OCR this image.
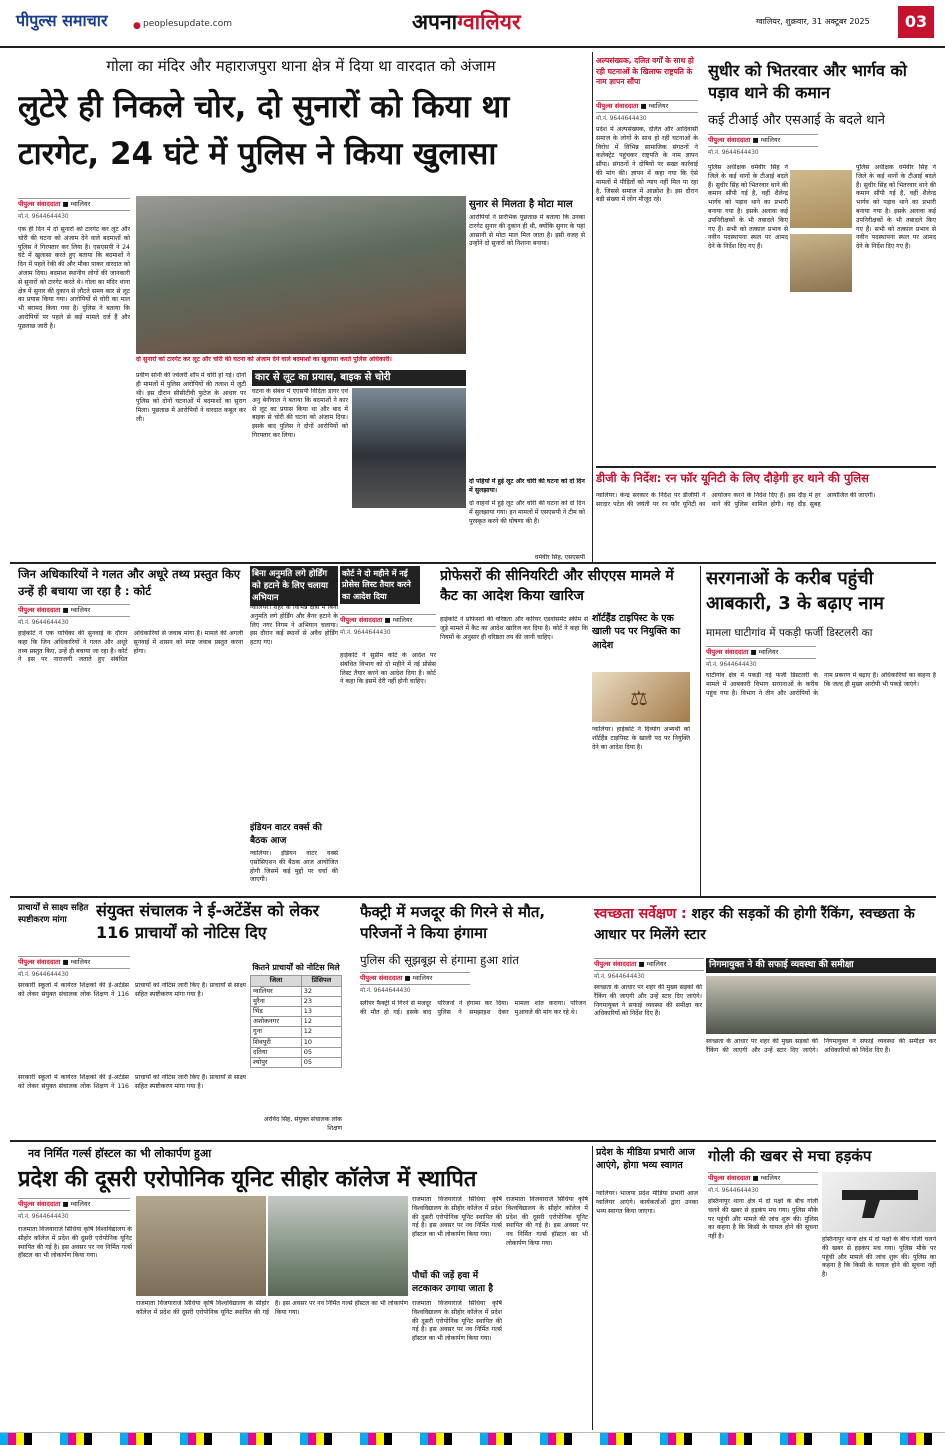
पीपुल्स समाचार	● peoplesupdate.com	अपनाग्वालियर	ग्वालियर, शुक्रवार, 31 अक्टूबर 2025	03
गोला का मंदिर और महाराजपुरा थाना क्षेत्र में दिया था वारदात को अंजाम
लुटेरे ही निकले चोर, दो सुनारों को किया था टारगेट, 24 घंटे में पुलिस ने किया खुलासा
पीपुल्स संवाददाता ■ ग्वालियर
मो.नं. 9644644430
एक ही दिन में दो सुनारों को टारगेट कर लूट और चोरी की घटना को अंजाम देने वाले बदमाशों को पुलिस ने गिरफ्तार कर लिया है। एसएसपी ने 24 घंटे में खुलासा करते हुए बताया कि बदमाशों ने दिन में पहले रेकी की और मौका पाकर वारदात को अंजाम दिया। बदमाश स्थानीय लोगों की जानकारी से सुनारों को टारगेट करते थे। गोला का मंदिर थाना क्षेत्र में सुनार की दुकान से लौटते समय कार से लूट का प्रयास किया गया। आरोपियों से चोरी का माल भी बरामद किया गया है। पुलिस ने बताया कि आरोपियों पर पहले से कई मामले दर्ज हैं और पूछताछ जारी है।
दो सुनारों को टारगेट कर लूट और चोरी की घटना को अंजाम देने वाले बदमाशों का खुलासा करते पुलिस अधिकारी।
सुनार से मिलता है मोटा माल
आरोपियों ने प्रारंभिक पूछताछ में बताया कि उनका टारगेट सुनार की दुकान ही थी, क्योंकि सुनार के यहां आसानी से मोटा माल मिल जाता है। इसी वजह से उन्होंने दो सुनारों को निशाना बनाया।
प्रवीण सोनी की ज्वेलरी शॉप में चोरी हो गई। दोनों ही मामलों में पुलिस आरोपियों की तलाश में जुटी थी। इस दौरान सीसीटीवी फुटेज के आधार पर पुलिस को दोनों घटनाओं में बदमाशों का सुराग मिला। पूछताछ में आरोपियों ने वारदात कबूल कर ली।
कार से लूट का प्रयास, बाइक से चोरी
घटना के संबंध में एएसपी विदिता डागर एवं अनु बेनीवाल ने बताया कि बदमाशों ने कार से लूट का प्रयास किया था और बाद में बाइक से चोरी की घटना को अंजाम दिया। इसके बाद पुलिस ने दोनों आरोपियों को गिरफ्तार कर लिया।
दो पहियों में हुई लूट और चोरी की घटना को दो दिन में सुलझाया।
दो वाहनों में हुई लूट और चोरी की घटना को दो दिन में सुलझाया गया। इन मामलों में एसएसपी ने टीम को पुरस्कृत करने की घोषणा की है।
धर्मवीर सिंह, एसएसपी
अल्पसंख्यक, दलित वर्गों के साथ हो रही घटनाओं के खिलाफ राष्ट्रपति के नाम ज्ञापन सौंपा
पीपुल्स संवाददाता ■ ग्वालियर
मो.नं. 9644644430
प्रदेश में अल्पसंख्यक, दलित और आदिवासी समाज के लोगों के साथ हो रही घटनाओं के विरोध में विभिन्न सामाजिक संगठनों ने कलेक्ट्रेट पहुंचकर राष्ट्रपति के नाम ज्ञापन सौंपा। संगठनों ने दोषियों पर सख्त कार्रवाई की मांग की। ज्ञापन में कहा गया कि ऐसे मामलों में पीड़ितों को न्याय नहीं मिल पा रहा है, जिससे समाज में आक्रोश है। इस दौरान बड़ी संख्या में लोग मौजूद रहे।
सुधीर को भितरवार और भार्गव को पड़ाव थाने की कमान
कई टीआई और एसआई के बदले थाने
पीपुल्स संवाददाता ■ ग्वालियर
मो.नं. 9644644430
पुलिस अधीक्षक धर्मवीर सिंह ने जिले के कई थानों के टीआई बदले हैं। सुधीर सिंह को भितरवार थाने की कमान सौंपी गई है, वहीं शैलेन्द्र भार्गव को पड़ाव थाने का प्रभारी बनाया गया है। इसके अलावा कई उपनिरीक्षकों के भी तबादले किए गए हैं। सभी को तत्काल प्रभाव से नवीन पदस्थापना स्थल पर आमद देने के निर्देश दिए गए हैं।
पुलिस अधीक्षक धर्मवीर सिंह ने जिले के कई थानों के टीआई बदले हैं। सुधीर सिंह को भितरवार थाने की कमान सौंपी गई है, वहीं शैलेन्द्र भार्गव को पड़ाव थाने का प्रभारी बनाया गया है। इसके अलावा कई उपनिरीक्षकों के भी तबादले किए गए हैं। सभी को तत्काल प्रभाव से नवीन पदस्थापना स्थल पर आमद देने के निर्देश दिए गए हैं।
डीजी के निर्देश: रन फॉर यूनिटी के लिए दौड़ेगी हर थाने की पुलिस
ग्वालियर। केन्द्र सरकार के निर्देश पर डीजीपी ने सरदार पटेल की जयंती पर रन फॉर यूनिटी का आयोजन करने के निर्देश दिए हैं। इस दौड़ में हर थाने की पुलिस शामिल होगी। यह दौड़ सुबह आयोजित की जाएगी।
जिन अधिकारियों ने गलत और अधूरे तथ्य प्रस्तुत किए उन्हें ही बचाया जा रहा है : कोर्ट
पीपुल्स संवाददाता ■ ग्वालियर
मो.नं. 9644644430
हाईकोर्ट ने एक याचिका की सुनवाई के दौरान कहा कि जिन अधिकारियों ने गलत और अधूरे तथ्य प्रस्तुत किए, उन्हें ही बचाया जा रहा है। कोर्ट ने इस पर नाराजगी जताते हुए संबंधित अधिकारियों से जवाब मांगा है। मामले की अगली सुनवाई में शासन को स्पष्ट जवाब प्रस्तुत करना होगा।
बिना अनुमति लगे होर्डिंग को हटाने के लिए चलाया अभियान
ग्वालियर। शहर के विभिन्न क्षेत्रों में बिना अनुमति लगे होर्डिंग और बैनर हटाने के लिए नगर निगम ने अभियान चलाया। इस दौरान कई स्थानों से अवैध होर्डिंग हटाए गए।
इंडियन वाटर वर्क्स की बैठक आज
ग्वालियर। इंडियन वाटर वर्क्स एसोसिएशन की बैठक आज आयोजित होगी जिसमें कई मुद्दों पर चर्चा की जाएगी।
कोर्ट ने दो महीने में नई प्रोसेस लिस्ट तैयार करने का आदेश दिया
पीपुल्स संवाददाता ■ ग्वालियर
मो.नं. 9644644430
हाईकोर्ट ने सुप्रीम कोर्ट के आदेश पर संबंधित विभाग को दो महीने में नई प्रोसेस लिस्ट तैयार करने का आदेश दिया है। कोर्ट ने कहा कि इसमें देरी नहीं होनी चाहिए।
प्रोफेसरों की सीनियरिटी और सीएएस मामले में कैट का आदेश किया खारिज
हाईकोर्ट ने प्रोफेसरों की वरिष्ठता और करियर एडवांसमेंट स्कीम से जुड़े मामले में कैट का आदेश खारिज कर दिया है। कोर्ट ने कहा कि नियमों के अनुसार ही वरिष्ठता तय की जानी चाहिए।
शॉर्टहैंड टाइपिस्ट के एक खाली पद पर नियुक्ति का आदेश
⚖
ग्वालियर। हाईकोर्ट ने दिव्यांग अभ्यर्थी को शॉर्टहैंड टाइपिस्ट के खाली पद पर नियुक्ति देने का आदेश दिया है।
सरगनाओं के करीब पहुंची आबकारी, 3 के बढ़ाए नाम
मामला घाटीगांव में पकड़ी फर्जी डिस्टलरी का
पीपुल्स संवाददाता ■ ग्वालियर
मो.नं. 9644644430
घाटीगांव क्षेत्र में पकड़ी गई फर्जी डिस्टलरी के मामले में आबकारी विभाग सरगनाओं के करीब पहुंच गया है। विभाग ने तीन और आरोपियों के नाम प्रकरण में बढ़ाए हैं। अधिकारियों का कहना है कि जल्द ही मुख्य आरोपी भी पकड़े जाएंगे।
प्राचार्यों से साक्ष्य सहित स्पष्टीकरण मांगा
संयुक्त संचालक ने ई-अटेंडेंस को लेकर 116 प्राचार्यों को नोटिस दिए
पीपुल्स संवाददाता ■ ग्वालियर
मो.नं. 9644644430
सरकारी स्कूलों में कार्यरत शिक्षकों की ई-अटेंडेंस को लेकर संयुक्त संचालक लोक शिक्षण ने 116 प्राचार्यों को नोटिस जारी किए हैं। प्राचार्यों से साक्ष्य सहित स्पष्टीकरण मांगा गया है।
कितने प्राचार्यों को नोटिस मिले
जिला	प्रिंसिपल
ग्वालियर	32
मुरैना	23
भिंड	13
अशोकनगर	12
गुना	12
शिवपुरी	10
दतिया	05
श्योपुर	05
अरविंद सिंह, संयुक्त संचालक लोक शिक्षण
सरकारी स्कूलों में कार्यरत शिक्षकों की ई-अटेंडेंस को लेकर संयुक्त संचालक लोक शिक्षण ने 116 प्राचार्यों को नोटिस जारी किए हैं। प्राचार्यों से साक्ष्य सहित स्पष्टीकरण मांगा गया है।
फैक्ट्री में मजदूर की गिरने से मौत, परिजनों ने किया हंगामा
पुलिस की सूझबूझ से हंगामा हुआ शांत
पीपुल्स संवाददाता ■ ग्वालियर
मो.नं. 9644644430
स्लीपर फैक्ट्री में गिरने से मजदूर की मौत हो गई। इसके बाद परिजनों ने हंगामा कर दिया। पुलिस ने समझाइश देकर मामला शांत कराया। परिजन मुआवजे की मांग कर रहे थे।
स्वच्छता सर्वेक्षण : शहर की सड़कों की होगी रैंकिंग, स्वच्छता के आधार पर मिलेंगे स्टार
पीपुल्स संवाददाता ■ ग्वालियर
मो.नं. 9644644430
निगमायुक्त ने की सफाई व्यवस्था की समीक्षा
स्वच्छता के आधार पर शहर की मुख्य सड़कों की रैंकिंग की जाएगी और उन्हें स्टार दिए जाएंगे। निगमायुक्त ने सफाई व्यवस्था की समीक्षा कर अधिकारियों को निर्देश दिए हैं।
स्वच्छता के आधार पर शहर की मुख्य सड़कों की रैंकिंग की जाएगी और उन्हें स्टार दिए जाएंगे। निगमायुक्त ने सफाई व्यवस्था की समीक्षा कर अधिकारियों को निर्देश दिए हैं।
नव निर्मित गर्ल्स हॉस्टल का भी लोकार्पण हुआ
प्रदेश की दूसरी एरोपोनिक यूनिट सीहोर कॉलेज में स्थापित
पीपुल्स संवाददाता ■ ग्वालियर
मो.नं. 9644644430
राजमाता विजयाराजे सिंधिया कृषि विश्वविद्यालय के सीहोर कॉलेज में प्रदेश की दूसरी एरोपोनिक यूनिट स्थापित की गई है। इस अवसर पर नव निर्मित गर्ल्स हॉस्टल का भी लोकार्पण किया गया।
राजमाता विजयाराजे सिंधिया कृषि विश्वविद्यालय के सीहोर कॉलेज में प्रदेश की दूसरी एरोपोनिक यूनिट स्थापित की गई है। इस अवसर पर नव निर्मित गर्ल्स हॉस्टल का भी लोकार्पण किया गया।
राजमाता विजयाराजे सिंधिया कृषि विश्वविद्यालय के सीहोर कॉलेज में प्रदेश की दूसरी एरोपोनिक यूनिट स्थापित की गई है। इस अवसर पर नव निर्मित गर्ल्स हॉस्टल का भी लोकार्पण किया गया।
पौधों की जड़ें हवा में लटकाकर उगाया जाता है
राजमाता विजयाराजे सिंधिया कृषि विश्वविद्यालय के सीहोर कॉलेज में प्रदेश की दूसरी एरोपोनिक यूनिट स्थापित की गई है। इस अवसर पर नव निर्मित गर्ल्स हॉस्टल का भी लोकार्पण किया गया।
राजमाता विजयाराजे सिंधिया कृषि विश्वविद्यालय के सीहोर कॉलेज में प्रदेश की दूसरी एरोपोनिक यूनिट स्थापित की गई है। इस अवसर पर नव निर्मित गर्ल्स हॉस्टल का भी लोकार्पण किया गया।
प्रदेश के मीडिया प्रभारी आज आएंगे, होगा भव्य स्वागत
ग्वालियर। भाजपा प्रदेश मीडिया प्रभारी आज ग्वालियर आएंगे। कार्यकर्ताओं द्वारा उनका भव्य स्वागत किया जाएगा।
गोली की खबर से मचा हड़कंप
पीपुल्स संवाददाता ■ ग्वालियर
मो.नं. 9644644430
हस्तिनापुर थाना क्षेत्र में दो पक्षों के बीच गोली चलने की खबर से हड़कंप मच गया। पुलिस मौके पर पहुंची और मामले की जांच शुरू की। पुलिस का कहना है कि किसी के घायल होने की सूचना नहीं है।	हस्तिनापुर थाना क्षेत्र में दो पक्षों के बीच गोली चलने की खबर से हड़कंप मच गया। पुलिस मौके पर पहुंची और मामले की जांच शुरू की। पुलिस का कहना है कि किसी के घायल होने की सूचना नहीं है।
